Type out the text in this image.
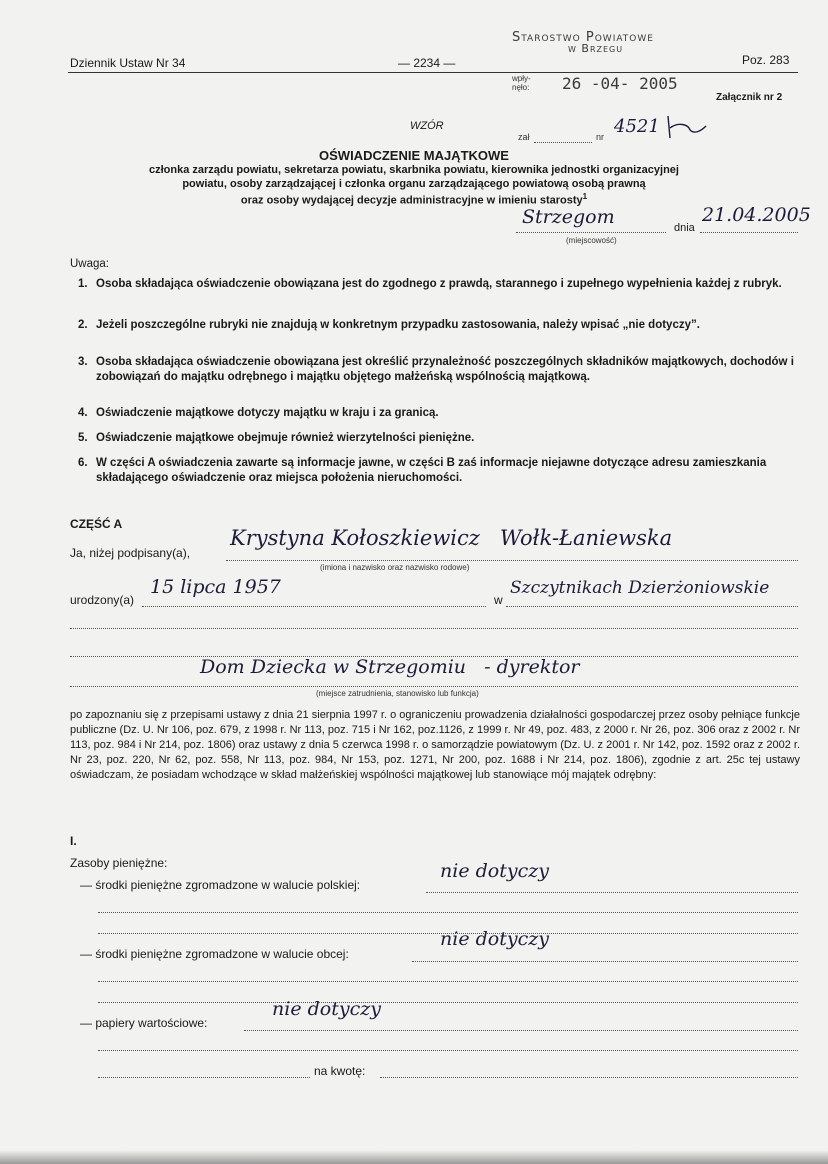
Dziennik Ustaw Nr 34	— 2234 —	Poz. 283
Załącznik nr 2
Starostwo Powiatowe
w Brzegu
wpły-
nęło: 26 -04- 2005
WZÓR
zał	nr 4521
OŚWIADCZENIE MAJĄTKOWE
członka zarządu powiatu, sekretarza powiatu, skarbnika powiatu, kierownika jednostki organizacyjnej
powiatu, osoby zarządzającej i członka organu zarządzającego powiatową osobą prawną
oraz osoby wydającej decyzje administracyjne w imieniu starosty$^1$
Strzegom
(miejscowość)
dnia
21.04.2005
Uwaga:
1. Osoba składająca oświadczenie obowiązana jest do zgodnego z prawdą, starannego i zupełnego wypełnienia każdej z rubryk.
2. Jeżeli poszczególne rubryki nie znajdują w konkretnym przypadku zastosowania, należy wpisać „nie dotyczy”.
3. Osoba składająca oświadczenie obowiązana jest określić przynależność poszczególnych składników majątkowych, dochodów i zobowiązań do majątku odrębnego i majątku objętego małżeńską wspólnością majątkową.
4. Oświadczenie majątkowe dotyczy majątku w kraju i za granicą.
5. Oświadczenie majątkowe obejmuje również wierzytelności pieniężne.
6. W części A oświadczenia zawarte są informacje jawne, w części B zaś informacje niejawne dotyczące adresu zamieszkania składającego oświadczenie oraz miejsca położenia nieruchomości.
CZĘŚĆ A
Ja, niżej podpisany(a),
Krystyna Kołoszkiewicz   Wołk-Łaniewska
(imiona i nazwisko oraz nazwisko rodowe)
urodzony(a)
15 lipca 1957
w
Szczytnikach Dzierżoniowskie
Dom Dziecka w Strzegomiu   - dyrektor
(miejsce zatrudnienia, stanowisko lub funkcja)
po zapoznaniu się z przepisami ustawy z dnia 21 sierpnia 1997 r. o ograniczeniu prowadzenia działalności gospodarczej przez osoby pełniące funkcje publiczne (Dz. U. Nr 106, poz. 679, z 1998 r. Nr 113, poz. 715 i Nr 162, poz.1126, z 1999 r. Nr 49, poz. 483, z 2000 r. Nr 26, poz. 306 oraz z 2002 r. Nr 113, poz. 984 i Nr 214, poz. 1806) oraz ustawy z dnia 5 czerwca 1998 r. o samorządzie powiatowym (Dz. U. z 2001 r. Nr 142, poz. 1592 oraz z 2002 r. Nr 23, poz. 220, Nr 62, poz. 558, Nr 113, poz. 984, Nr 153, poz. 1271, Nr 200, poz. 1688 i Nr 214, poz. 1806), zgodnie z art. 25c tej ustawy oświadczam, że posiadam wchodzące w skład małżeńskiej wspólności majątkowej lub stanowiące mój majątek odrębny:
I.
Zasoby pieniężne:
— środki pieniężne zgromadzone w walucie polskiej:
nie dotyczy
— środki pieniężne zgromadzone w walucie obcej:
nie dotyczy
— papiery wartościowe:
nie dotyczy
na kwotę:
